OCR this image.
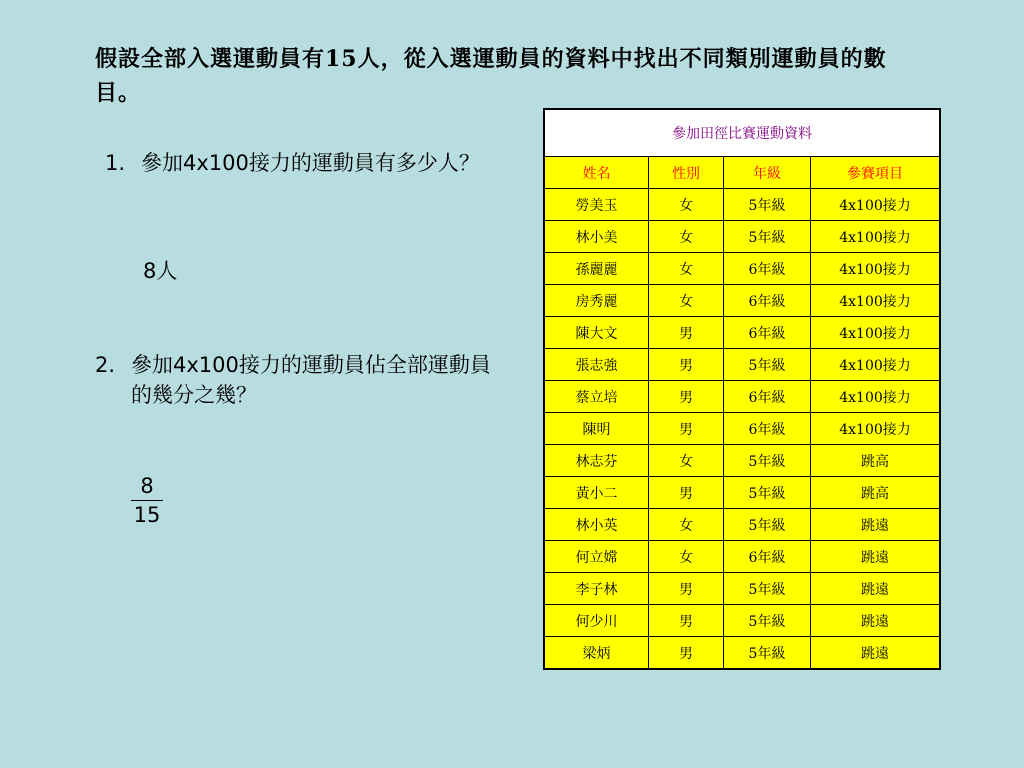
假設全部入選運動員有15人，從入選運動員的資料中找出不同類別運動員的數目。
1. 參加4x100接力的運動員有多少人？
8人
2. 參加4x100接力的運動員佔全部運動員的幾分之幾？
8
15
參加田徑比賽運動資料			
姓名	性別	年級	參賽項目
勞美玉	女	5年級	4x100接力
林小美	女	5年級	4x100接力
孫麗麗	女	6年級	4x100接力
房秀麗	女	6年級	4x100接力
陳大文	男	6年級	4x100接力
張志強	男	5年級	4x100接力
蔡立培	男	6年級	4x100接力
陳明	男	6年級	4x100接力
林志芬	女	5年級	跳高
黃小二	男	5年級	跳高
林小英	女	5年級	跳遠
何立嫦	女	6年級	跳遠
李子林	男	5年級	跳遠
何少川	男	5年級	跳遠
梁炳	男	5年級	跳遠
